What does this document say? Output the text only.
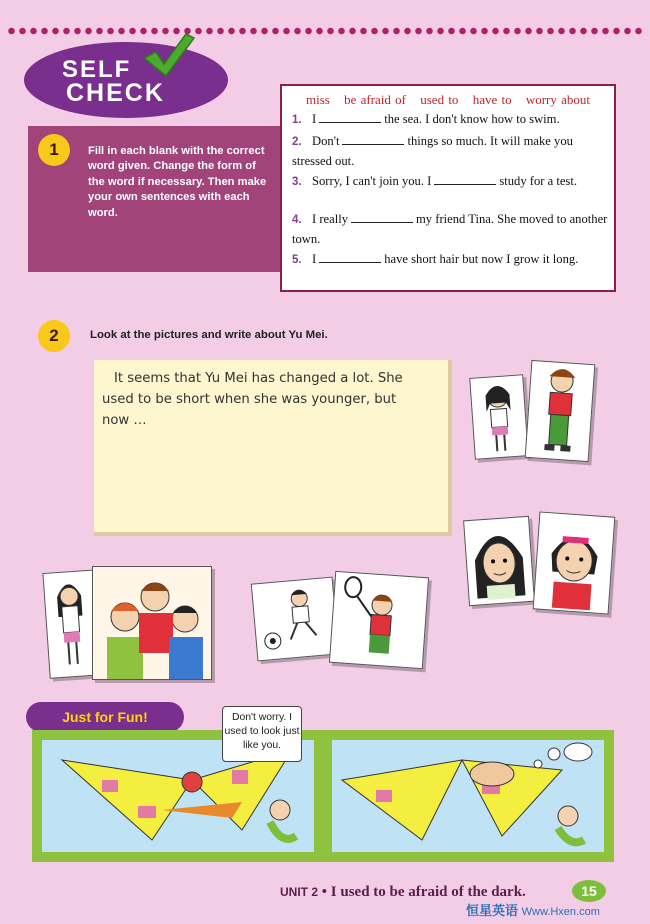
SELF
CHECK
1	Fill in each blank with the correct word given. Change the form of the word if necessary. Then make your own sentences with each word.
miss be afraid of used to have to worry about
1. I	the sea. I don't know how to swim.
2. Don't	things so much. It will make you stressed out.
3. Sorry, I can't join you. I	study for a test.
4. I really	my friend Tina. She moved to another town.
5. I	have short hair but now I grow it long.
2	Look at the pictures and write about Yu Mei.
It seems that Yu Mei has changed a lot. She used to be short when she was younger, but now …
Just for Fun!	Don't worry. I used to look just like you.
UNIT 2 • I used to be afraid of the dark.	15
恒星英语 Www.Hxen.com
